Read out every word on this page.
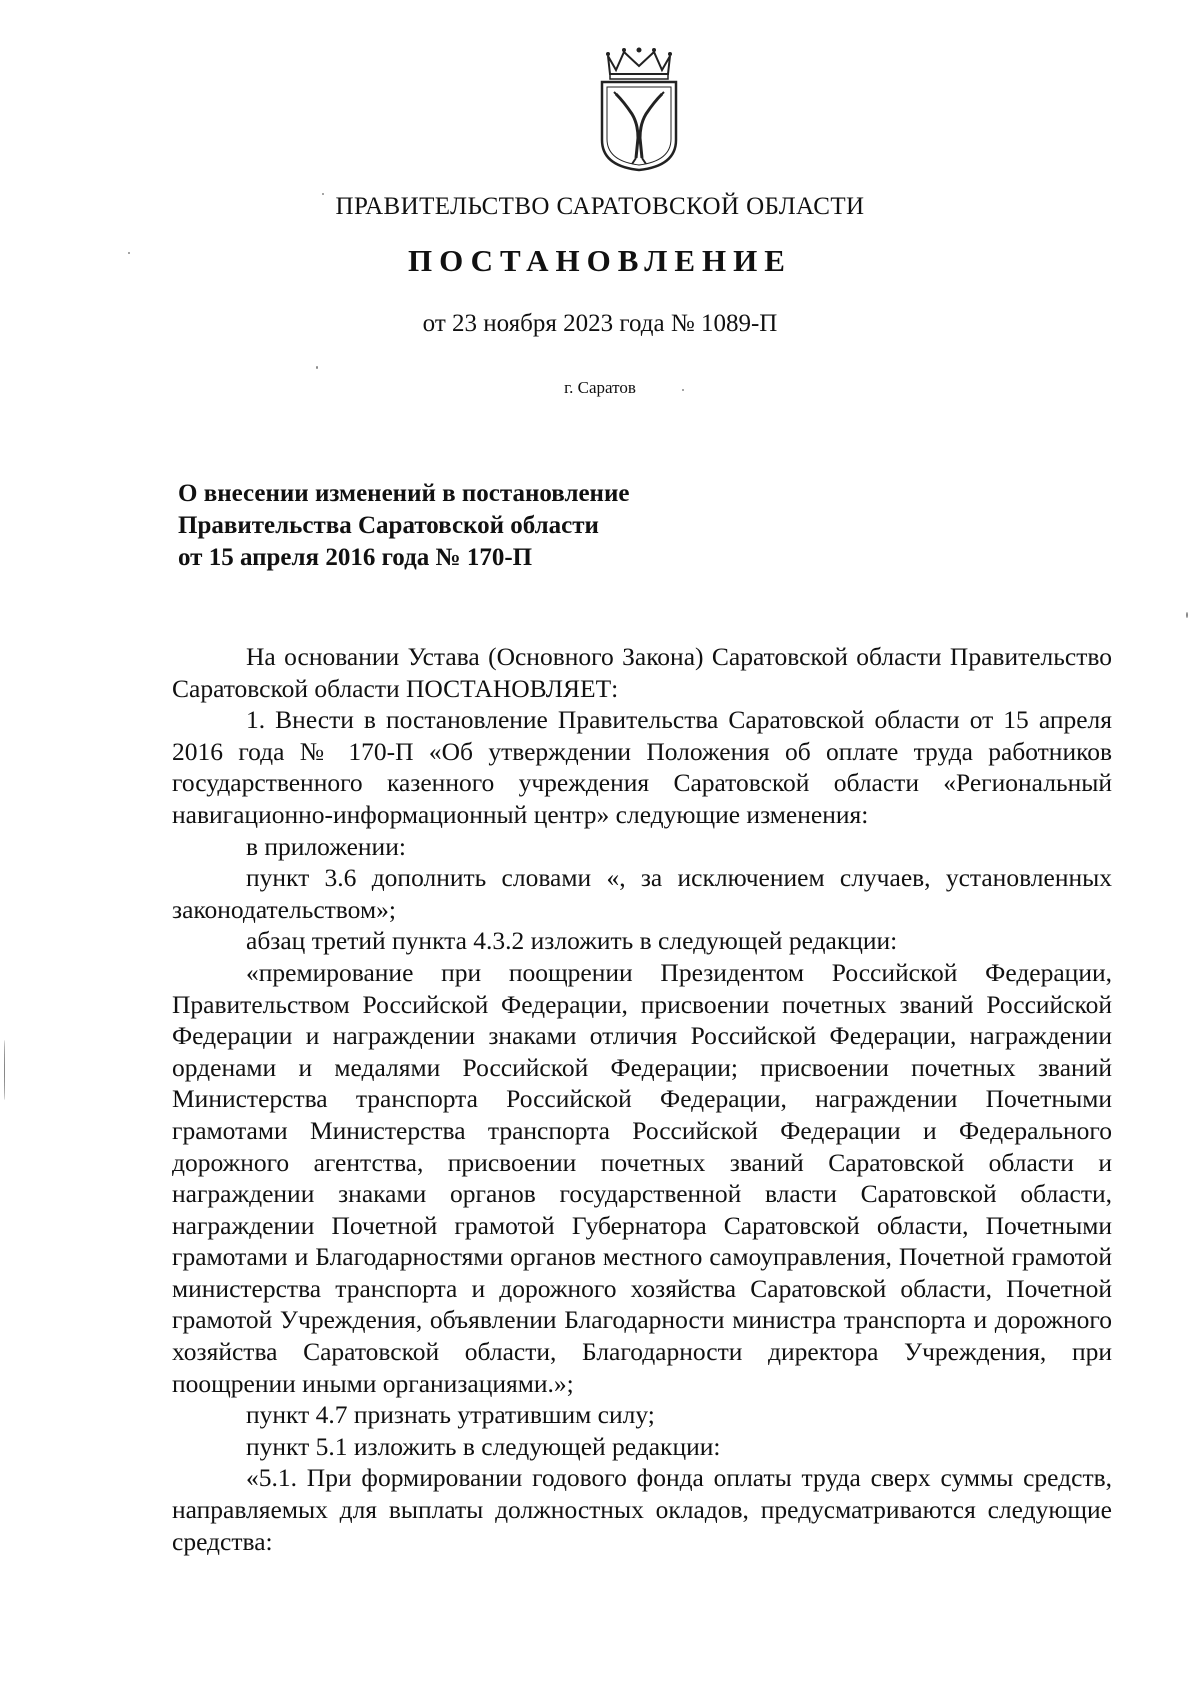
ПРАВИТЕЛЬСТВО САРАТОВСКОЙ ОБЛАСТИ
ПОСТАНОВЛЕНИЕ
от 23 ноября 2023 года № 1089-П
г. Саратов
О внесении изменений в постановление
Правительства Саратовской области
от 15 апреля 2016 года № 170-П

На основании Устава (Основного Закона) Саратовской области Правительство Саратовской области ПОСТАНОВЛЯЕТ:

1. Внести в постановление Правительства Саратовской области от 15 апреля 2016 года № 170-П «Об утверждении Положения об оплате труда работников государственного казенного учреждения Саратовской области «Региональный навигационно-информационный центр» следующие изменения:

в приложении:

пункт 3.6 дополнить словами «, за исключением случаев, установленных законодательством»;

абзац третий пункта 4.3.2 изложить в следующей редакции:

«премирование при поощрении Президентом Российской Федерации, Правительством Российской Федерации, присвоении почетных званий Российской Федерации и награждении знаками отличия Российской Федерации, награждении орденами и медалями Российской Федерации; присвоении почетных званий Министерства транспорта Российской Федерации, награждении Почетными грамотами Министерства транспорта Российской Федерации и Федерального дорожного агентства, присвоении почетных званий Саратовской области и награждении знаками органов государственной власти Саратовской области, награждении Почетной грамотой Губернатора Саратовской области, Почетными грамотами и Благодарностями органов местного самоуправления, Почетной грамотой министерства транспорта и дорожного хозяйства Саратовской области, Почетной грамотой Учреждения, объявлении Благодарности министра транспорта и дорожного хозяйства Саратовской области, Благодарности директора Учреждения, при поощрении иными организациями.»;

пункт 4.7 признать утратившим силу;

пункт 5.1 изложить в следующей редакции:

«5.1. При формировании годового фонда оплаты труда сверх суммы средств, направляемых для выплаты должностных окладов, предусматриваются следующие средства:
